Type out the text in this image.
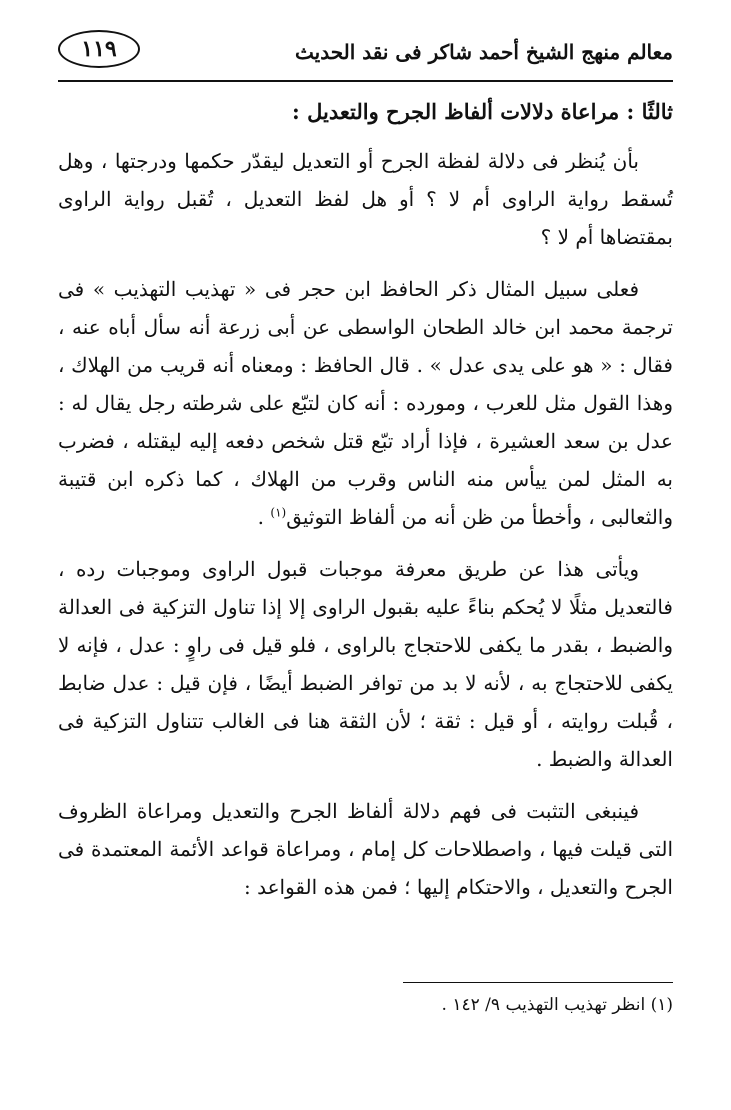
معالم منهج الشيخ أحمد شاكر فى نقد الحديث
١١٩
ثالثًا : مراعاة دلالات ألفاظ الجرح والتعديل :

بأن يُنظر فى دلالة لفظة الجرح أو التعديل ليقدّر حكمها ودرجتها ، وهل تُسقط رواية الراوى أم لا ؟ أو هل لفظ التعديل ، تُقبل رواية الراوى بمقتضاها أم لا ؟

فعلى سبيل المثال ذكر الحافظ ابن حجر فى « تهذيب التهذيب » فى ترجمة محمد ابن خالد الطحان الواسطى عن أبى زرعة أنه سأل أباه عنه ، فقال : « هو على يدى عدل » . قال الحافظ : ومعناه أنه قريب من الهلاك ، وهذا القول مثل للعرب ، ومورده : أنه كان لتبّع على شرطته رجل يقال له : عدل بن سعد العشيرة ، فإذا أراد تبّع قتل شخص دفعه إليه ليقتله ، فضرب به المثل لمن ييأس منه الناس وقرب من الهلاك ، كما ذكره ابن قتيبة والثعالبى ، وأخطأ من ظن أنه من ألفاظ التوثيق$^{(١)}$ .

ويأتى هذا عن طريق معرفة موجبات قبول الراوى وموجبات رده ، فالتعديل مثلًا لا يُحكم بناءً عليه بقبول الراوى إلا إذا تناول التزكية فى العدالة والضبط ، بقدر ما يكفى للاحتجاج بالراوى ، فلو قيل فى راوٍ : عدل ، فإنه لا يكفى للاحتجاج به ، لأنه لا بد من توافر الضبط أيضًا ، فإن قيل : عدل ضابط ، قُبلت روايته ، أو قيل : ثقة ؛ لأن الثقة هنا فى الغالب تتناول التزكية فى العدالة والضبط .

فينبغى التثبت فى فهم دلالة ألفاظ الجرح والتعديل ومراعاة الظروف التى قيلت فيها ، واصطلاحات كل إمام ، ومراعاة قواعد الأئمة المعتمدة فى الجرح والتعديل ، والاحتكام إليها ؛ فمن هذه القواعد :

(١) انظر تهذيب التهذيب ٩/ ١٤٢ .
